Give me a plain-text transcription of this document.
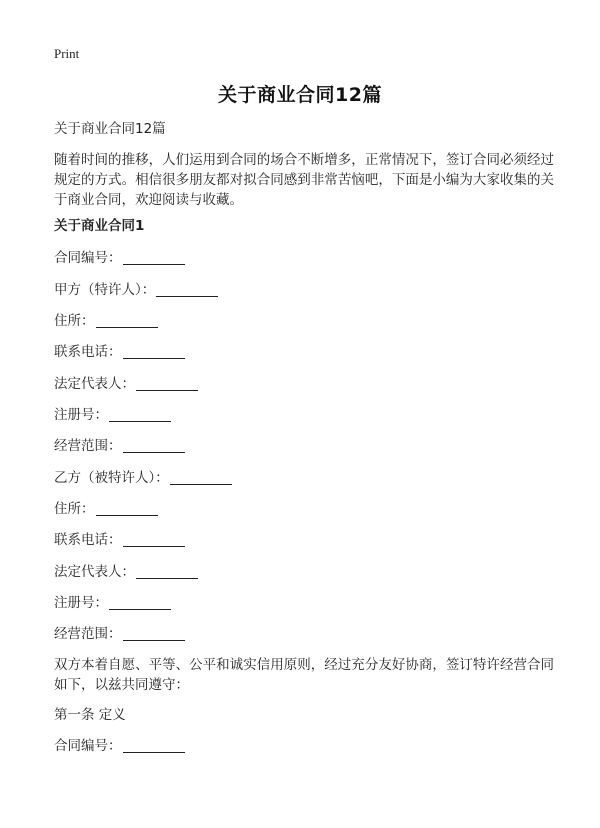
Print
关于商业合同12篇
关于商业合同12篇
随着时间的推移，人们运用到合同的场合不断增多，正常情况下，签订合同必须经过规定的方式。相信很多朋友都对拟合同感到非常苦恼吧，下面是小编为大家收集的关于商业合同，欢迎阅读与收藏。
关于商业合同1
合同编号：
甲方（特许人）：
住所：
联系电话：
法定代表人：
注册号：
经营范围：
乙方（被特许人）：
住所：
联系电话：
法定代表人：
注册号：
经营范围：
双方本着自愿、平等、公平和诚实信用原则，经过充分友好协商，签订特许经营合同如下，以兹共同遵守：
第一条 定义
合同编号：
